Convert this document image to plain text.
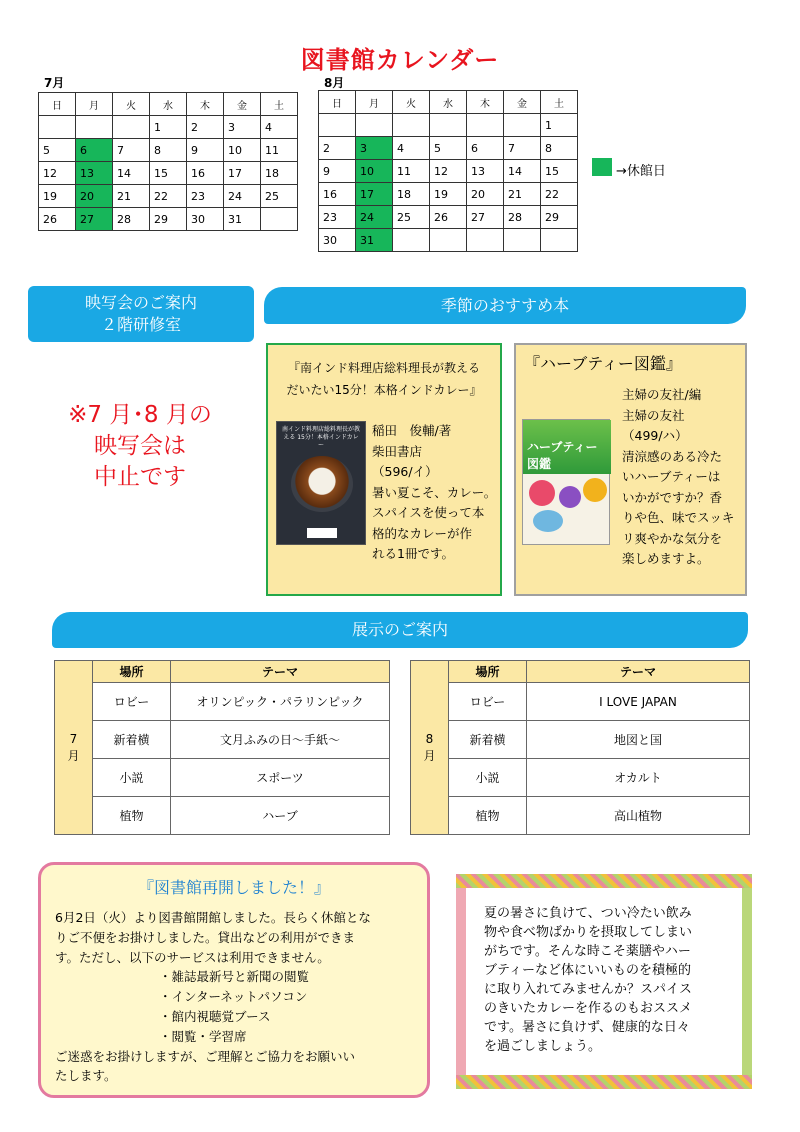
図書館カレンダー
7月
日	月	火	水	木	金	土
			1	2	3	4
5	6	7	8	9	10	11
12	13	14	15	16	17	18
19	20	21	22	23	24	25
26	27	28	29	30	31	
8月
日	月	火	水	木	金	土
						1
2	3	4	5	6	7	8
9	10	11	12	13	14	15
16	17	18	19	20	21	22
23	24	25	26	27	28	29
30	31					
→休館日
映写会のご案内
２階研修室
※7 月･8 月の
映写会は
中止です
季節のおすすめ本
『南インド料理店総料理長が教える
だいたい15分！本格インドカレー』
南インド料理店総料理長が教える 15分！本格インドカレー
稲田　俊輔/著
柴田書店
（596/イ）
暑い夏こそ、カレー。
スパイスを使って本
格的なカレーが作
れる1冊です。
『ハーブティー図鑑』
ハーブティー図鑑
主婦の友社/編
主婦の友社
（499/ハ）
清涼感のある冷た
いハーブティーは
いかがですか？香
りや色、味でスッキ
リ爽やかな気分を
楽しめますよ。
展示のご案内
7
月	場所	テーマ
	ロビー	オリンピック・パラリンピック
	新着横	文月ふみの日～手紙～
	小説	スポーツ
	植物	ハーブ
8
月	場所	テーマ
	ロビー	I LOVE JAPAN
	新着横	地図と国
	小説	オカルト
	植物	高山植物
『図書館再開しました！』
6月2日（火）より図書館開館しました。長らく休館とな
りご不便をお掛けしました。貸出などの利用ができま
す。ただし、以下のサービスは利用できません。
・雑誌最新号と新聞の閲覧
・インターネットパソコン
・館内視聴覚ブース
・閲覧・学習席
ご迷惑をお掛けしますが、ご理解とご協力をお願いい
たします。
夏の暑さに負けて、つい冷たい飲み
物や食べ物ばかりを摂取してしまい
がちです。そんな時こそ薬膳やハー
ブティーなど体にいいものを積極的
に取り入れてみませんか？スパイス
のきいたカレーを作るのもおススメ
です。暑さに負けず、健康的な日々
を過ごしましょう。
